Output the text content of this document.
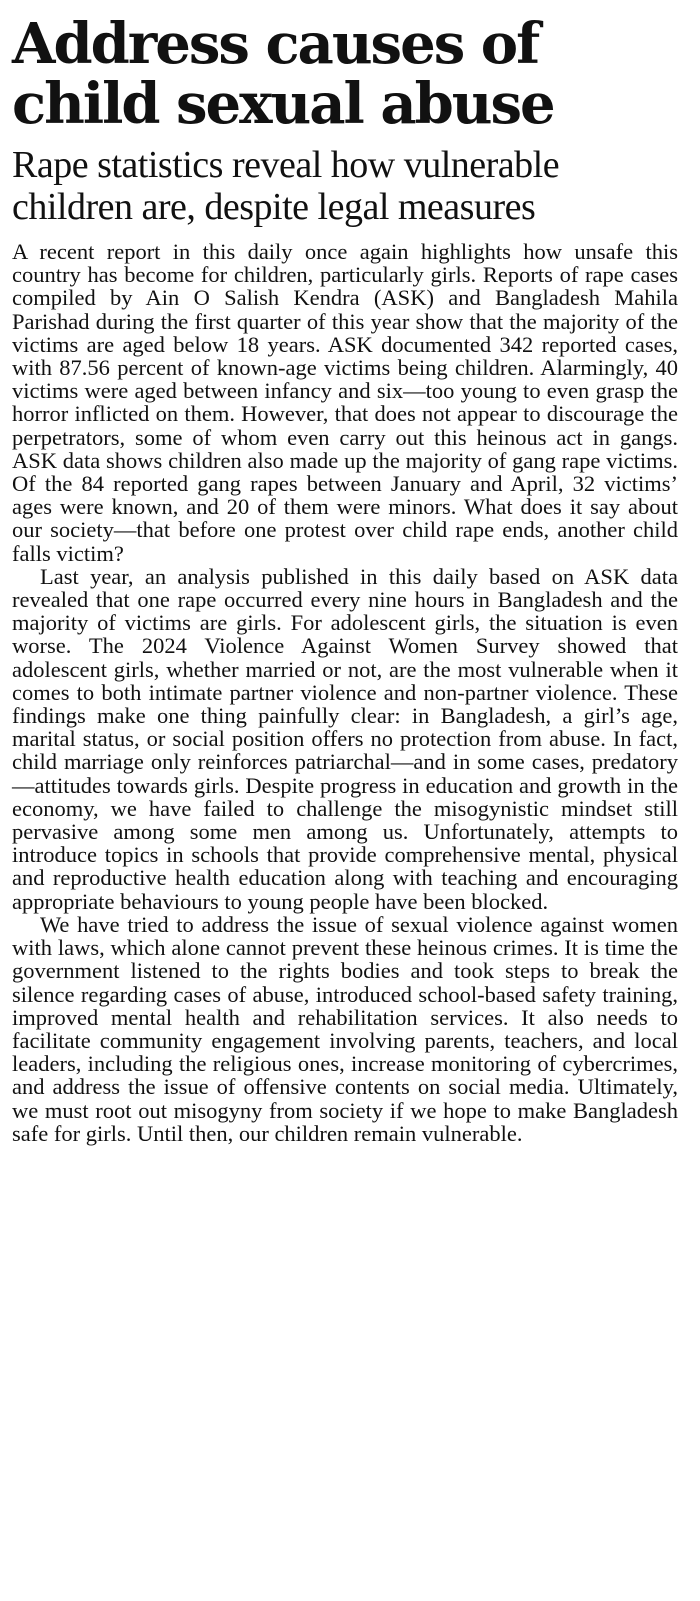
Address causes of child sexual abuse
Rape statistics reveal how vulnerable children are, despite legal measures

A recent report in this daily once again highlights how unsafe this country has become for children, particularly girls. Reports of rape cases compiled by Ain O Salish Kendra (ASK) and Bangladesh Mahila Parishad during the first quarter of this year show that the majority of the victims are aged below 18 years. ASK documented 342 reported cases, with 87.56 percent of known-age victims being children. Alarmingly, 40 victims were aged between infancy and six—too young to even grasp the horror inflicted on them. However, that does not appear to discourage the perpetrators, some of whom even carry out this heinous act in gangs. ASK data shows children also made up the majority of gang rape victims. Of the 84 reported gang rapes between January and April, 32 victims’ ages were known, and 20 of them were minors. What does it say about our society—that before one protest over child rape ends, another child falls victim?

Last year, an analysis published in this daily based on ASK data revealed that one rape occurred every nine hours in Bangladesh and the majority of victims are girls. For adolescent girls, the situation is even worse. The 2024 Violence Against Women Survey showed that adolescent girls, whether married or not, are the most vulnerable when it comes to both intimate partner violence and non-partner violence. These findings make one thing painfully clear: in Bangladesh, a girl’s age, marital status, or social position offers no protection from abuse. In fact, child marriage only reinforces patriarchal—and in some cases, predatory—attitudes towards girls. Despite progress in education and growth in the economy, we have failed to challenge the misogynistic mindset still pervasive among some men among us. Unfortunately, attempts to introduce topics in schools that provide comprehensive mental, physical and reproductive health education along with teaching and encouraging appropriate behaviours to young people have been blocked.

We have tried to address the issue of sexual violence against women with laws, which alone cannot prevent these heinous crimes. It is time the government listened to the rights bodies and took steps to break the silence regarding cases of abuse, introduced school-based safety training, improved mental health and rehabilitation services. It also needs to facilitate community engagement involving parents, teachers, and local leaders, including the religious ones, increase monitoring of cybercrimes, and address the issue of offensive contents on social media. Ultimately, we must root out misogyny from society if we hope to make Bangladesh safe for girls. Until then, our children remain vulnerable.
